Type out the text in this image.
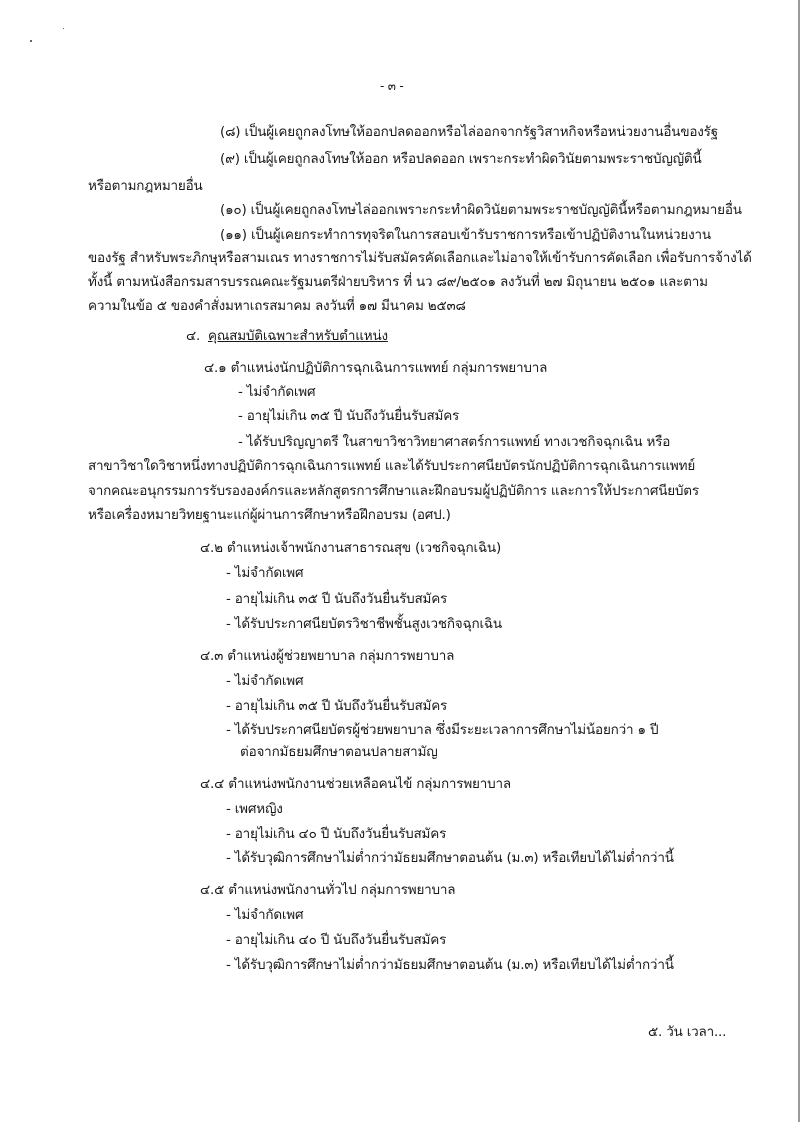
- ๓ -
(๘) เป็นผู้เคยถูกลงโทษให้ออกปลดออกหรือไล่ออกจากรัฐวิสาหกิจหรือหน่วยงานอื่นของรัฐ
(๙) เป็นผู้เคยถูกลงโทษให้ออก หรือปลดออก เพราะกระทำผิดวินัยตามพระราชบัญญัตินี้
หรือตามกฎหมายอื่น
(๑๐) เป็นผู้เคยถูกลงโทษไล่ออกเพราะกระทำผิดวินัยตามพระราชบัญญัตินี้หรือตามกฎหมายอื่น
(๑๑) เป็นผู้เคยกระทำการทุจริตในการสอบเข้ารับราชการหรือเข้าปฏิบัติงานในหน่วยงาน
ของรัฐ สำหรับพระภิกษุหรือสามเณร ทางราชการไม่รับสมัครคัดเลือกและไม่อาจให้เข้ารับการคัดเลือก เพื่อรับการจ้างได้
ทั้งนี้ ตามหนังสือกรมสารบรรณคณะรัฐมนตรีฝ่ายบริหาร ที่ นว ๘๙/๒๕๐๑ ลงวันที่ ๒๗ มิถุนายน ๒๕๐๑ และตาม
ความในข้อ ๕ ของคำสั่งมหาเถรสมาคม ลงวันที่ ๑๗ มีนาคม ๒๕๓๘
๔. คุณสมบัติเฉพาะสำหรับตำแหน่ง
๔.๑ ตำแหน่งนักปฏิบัติการฉุกเฉินการแพทย์ กลุ่มการพยาบาล
- ไม่จำกัดเพศ
- อายุไม่เกิน ๓๕ ปี นับถึงวันยื่นรับสมัคร
- ได้รับปริญญาตรี ในสาขาวิชาวิทยาศาสตร์การแพทย์ ทางเวชกิจฉุกเฉิน หรือ
สาขาวิชาใดวิชาหนึ่งทางปฏิบัติการฉุกเฉินการแพทย์ และได้รับประกาศนียบัตรนักปฏิบัติการฉุกเฉินการแพทย์
จากคณะอนุกรรมการรับรององค์กรและหลักสูตรการศึกษาและฝึกอบรมผู้ปฏิบัติการ และการให้ประกาศนียบัตร
หรือเครื่องหมายวิทยฐานะแก่ผู้ผ่านการศึกษาหรือฝึกอบรม (อศป.)
๔.๒ ตำแหน่งเจ้าพนักงานสาธารณสุข (เวชกิจฉุกเฉิน)
- ไม่จำกัดเพศ
- อายุไม่เกิน ๓๕ ปี นับถึงวันยื่นรับสมัคร
- ได้รับประกาศนียบัตรวิชาชีพชั้นสูงเวชกิจฉุกเฉิน
๔.๓ ตำแหน่งผู้ช่วยพยาบาล กลุ่มการพยาบาล
- ไม่จำกัดเพศ
- อายุไม่เกิน ๓๕ ปี นับถึงวันยื่นรับสมัคร
- ได้รับประกาศนียบัตรผู้ช่วยพยาบาล ซึ่งมีระยะเวลาการศึกษาไม่น้อยกว่า ๑ ปี
ต่อจากมัธยมศึกษาตอนปลายสามัญ
๔.๔ ตำแหน่งพนักงานช่วยเหลือคนไข้ กลุ่มการพยาบาล
- เพศหญิง
- อายุไม่เกิน ๔๐ ปี นับถึงวันยื่นรับสมัคร
- ได้รับวุฒิการศึกษาไม่ต่ำกว่ามัธยมศึกษาตอนต้น (ม.๓) หรือเทียบได้ไม่ต่ำกว่านี้
๔.๕ ตำแหน่งพนักงานทั่วไป กลุ่มการพยาบาล
- ไม่จำกัดเพศ
- อายุไม่เกิน ๔๐ ปี นับถึงวันยื่นรับสมัคร
- ได้รับวุฒิการศึกษาไม่ต่ำกว่ามัธยมศึกษาตอนต้น (ม.๓) หรือเทียบได้ไม่ต่ำกว่านี้
๕. วัน เวลา...
